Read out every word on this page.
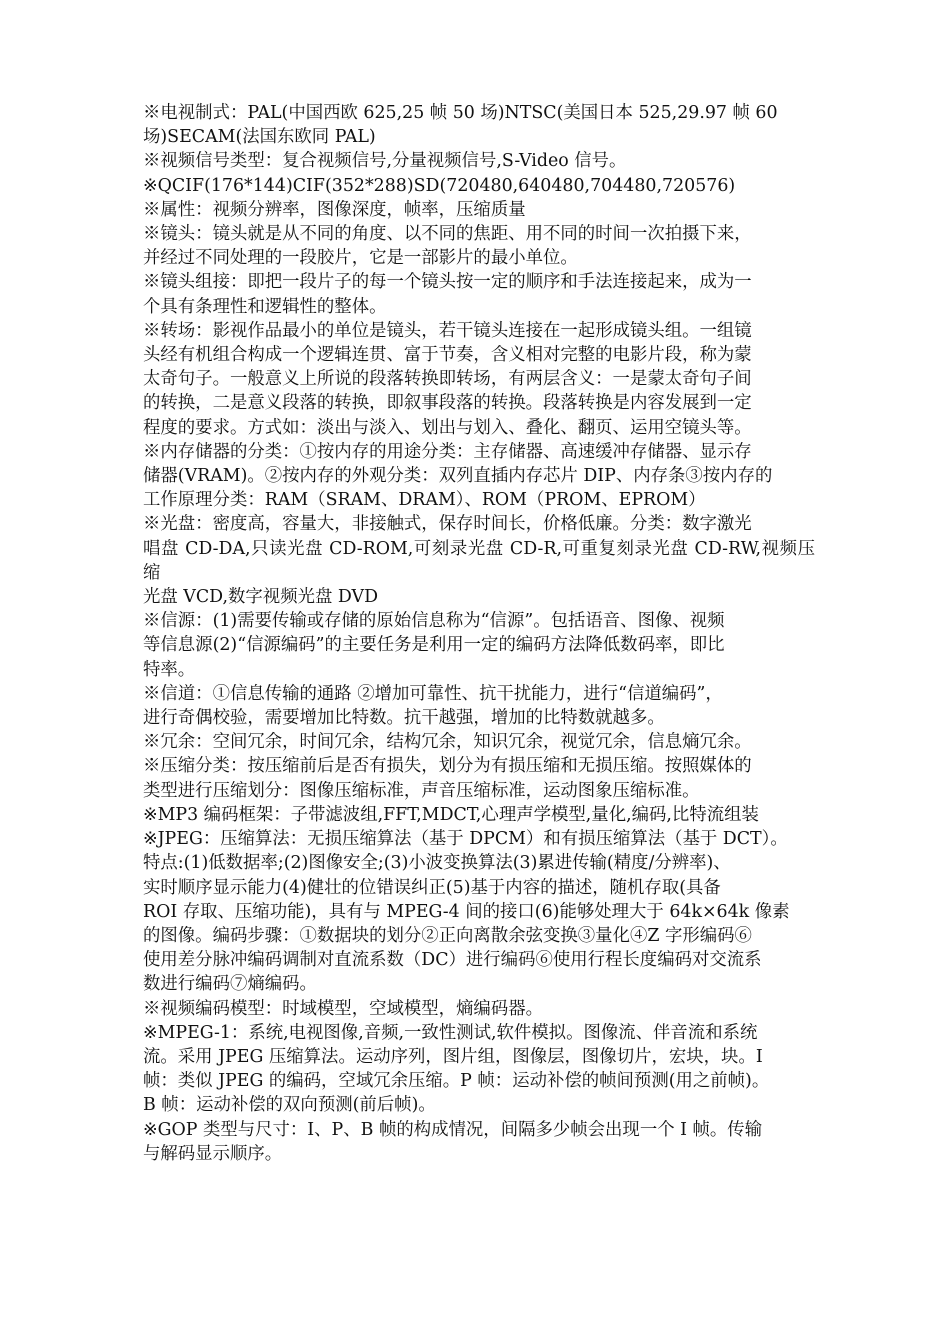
※电视制式：PAL(中国西欧 625,25 帧 50 场)NTSC(美国日本 525,29.97 帧 60
场)SECAM(法国东欧同 PAL)

※视频信号类型：复合视频信号,分量视频信号,S-Video 信号。

※QCIF(176*144)CIF(352*288)SD(720480,640480,704480,720576)

※属性：视频分辨率，图像深度，帧率，压缩质量

※镜头：镜头就是从不同的角度、以不同的焦距、用不同的时间一次拍摄下来，
并经过不同处理的一段胶片，它是一部影片的最小单位。

※镜头组接：即把一段片子的每一个镜头按一定的顺序和手法连接起来，成为一
个具有条理性和逻辑性的整体。

※转场：影视作品最小的单位是镜头，若干镜头连接在一起形成镜头组。一组镜
头经有机组合构成一个逻辑连贯、富于节奏，含义相对完整的电影片段，称为蒙
太奇句子。一般意义上所说的段落转换即转场，有两层含义：一是蒙太奇句子间
的转换，二是意义段落的转换，即叙事段落的转换。段落转换是内容发展到一定
程度的要求。方式如：淡出与淡入、划出与划入、叠化、翻页、运用空镜头等。

※内存储器的分类：①按内存的用途分类：主存储器、高速缓冲存储器、显示存
储器(VRAM)。②按内存的外观分类：双列直插内存芯片 DIP、内存条③按内存的
工作原理分类：RAM（SRAM、DRAM）、ROM（PROM、EPROM）

※光盘：密度高，容量大，非接触式，保存时间长，价格低廉。分类：数字激光
唱盘 CD-DA,只读光盘 CD-ROM,可刻录光盘 CD-R,可重复刻录光盘 CD-RW,视频压缩
光盘 VCD,数字视频光盘 DVD

※信源：(1)需要传输或存储的原始信息称为“信源”。包括语音、图像、视频
等信息源(2)“信源编码”的主要任务是利用一定的编码方法降低数码率，即比
特率。

※信道：①信息传输的通路 ②增加可靠性、抗干扰能力，进行“信道编码”，
进行奇偶校验，需要增加比特数。抗干越强，增加的比特数就越多。

※冗余：空间冗余，时间冗余，结构冗余，知识冗余，视觉冗余，信息熵冗余。

※压缩分类：按压缩前后是否有损失，划分为有损压缩和无损压缩。按照媒体的
类型进行压缩划分：图像压缩标准，声音压缩标准，运动图象压缩标准。

※MP3 编码框架：子带滤波组,FFT,MDCT,心理声学模型,量化,编码,比特流组装

※JPEG：压缩算法：无损压缩算法（基于 DPCM）和有损压缩算法（基于 DCT）。
特点:(1)低数据率;(2)图像安全;(3)小波变换算法(3)累进传输(精度/分辨率)、
实时顺序显示能力(4)健壮的位错误纠正(5)基于内容的描述，随机存取(具备
ROI 存取、压缩功能)，具有与 MPEG-4 间的接口(6)能够处理大于 64k×64k 像素
的图像。编码步骤：①数据块的划分②正向离散余弦变换③量化④Z 字形编码⑥
使用差分脉冲编码调制对直流系数（DC）进行编码⑥使用行程长度编码对交流系
数进行编码⑦熵编码。

※视频编码模型：时域模型，空域模型，熵编码器。

※MPEG-1：系统,电视图像,音频,一致性测试,软件模拟。图像流、伴音流和系统
流。采用 JPEG 压缩算法。运动序列，图片组，图像层，图像切片，宏块，块。I
帧：类似 JPEG 的编码，空域冗余压缩。P 帧：运动补偿的帧间预测(用之前帧)。
B 帧：运动补偿的双向预测(前后帧)。

※GOP 类型与尺寸：I、P、B 帧的构成情况，间隔多少帧会出现一个 I 帧。传输
与解码显示顺序。
